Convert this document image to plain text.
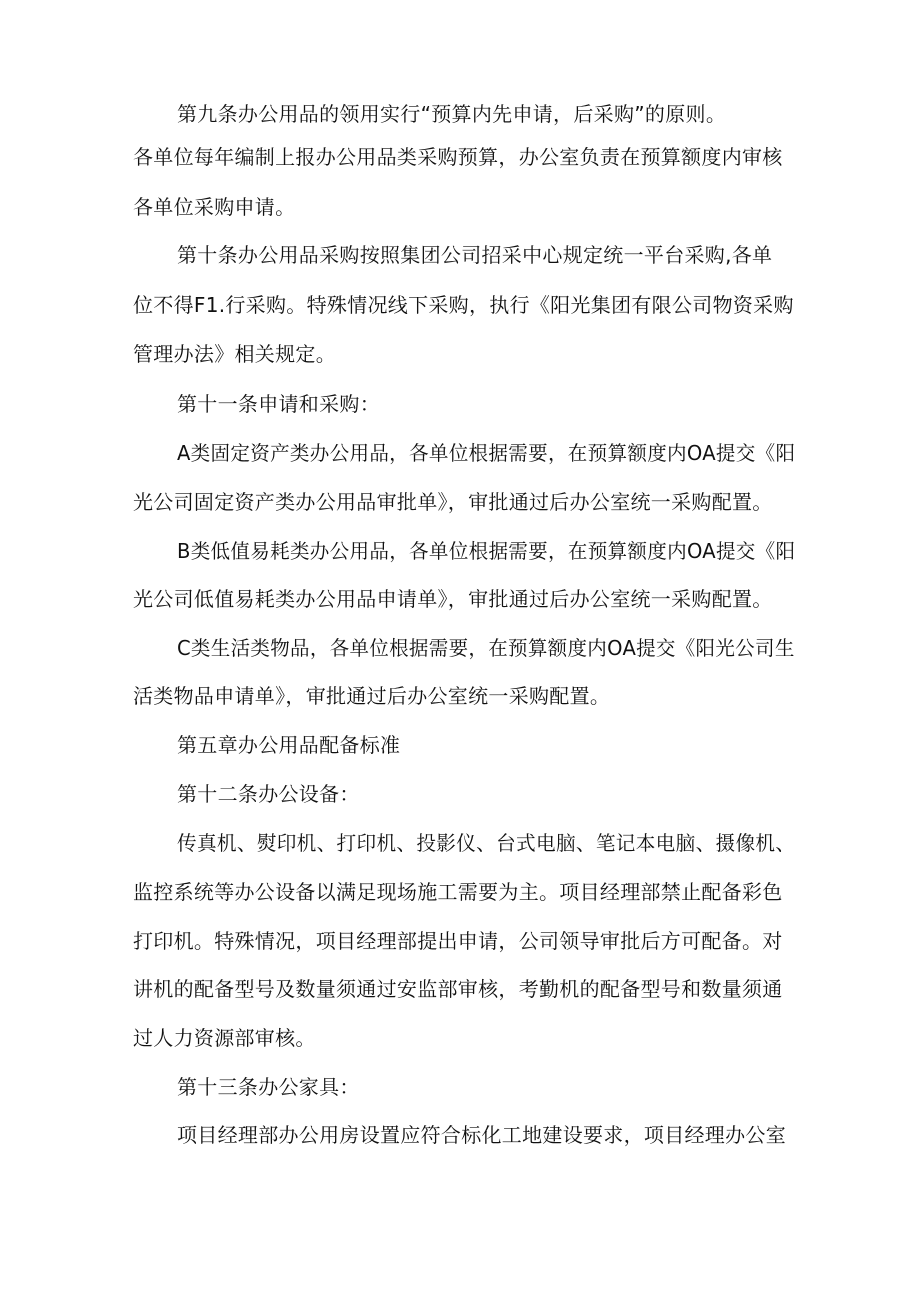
第九条办公用品的领用实行“预算内先申请，后采购”的原则。
各单位每年编制上报办公用品类采购预算，办公室负责在预算额度内审核
各单位采购申请。
第十条办公用品采购按照集团公司招采中心规定统一平台采购,各单
位不得F1.行采购。特殊情况线下采购，执行《阳光集团有限公司物资采购
管理办法》相关规定。
第十一条申请和采购：
A类固定资产类办公用品，各单位根据需要，在预算额度内OA提交《阳
光公司固定资产类办公用品审批单》，审批通过后办公室统一采购配置。
B类低值易耗类办公用品，各单位根据需要，在预算额度内OA提交《阳
光公司低值易耗类办公用品申请单》，审批通过后办公室统一采购配置。
C类生活类物品，各单位根据需要，在预算额度内OA提交《阳光公司生
活类物品申请单》，审批通过后办公室统一采购配置。
第五章办公用品配备标准
第十二条办公设备：
传真机、熨印机、打印机、投影仪、台式电脑、笔记本电脑、摄像机、
监控系统等办公设备以满足现场施工需要为主。项目经理部禁止配备彩色
打印机。特殊情况，项目经理部提出申请，公司领导审批后方可配备。对
讲机的配备型号及数量须通过安监部审核，考勤机的配备型号和数量须通
过人力资源部审核。
第十三条办公家具：
项目经理部办公用房设置应符合标化工地建设要求，项目经理办公室
